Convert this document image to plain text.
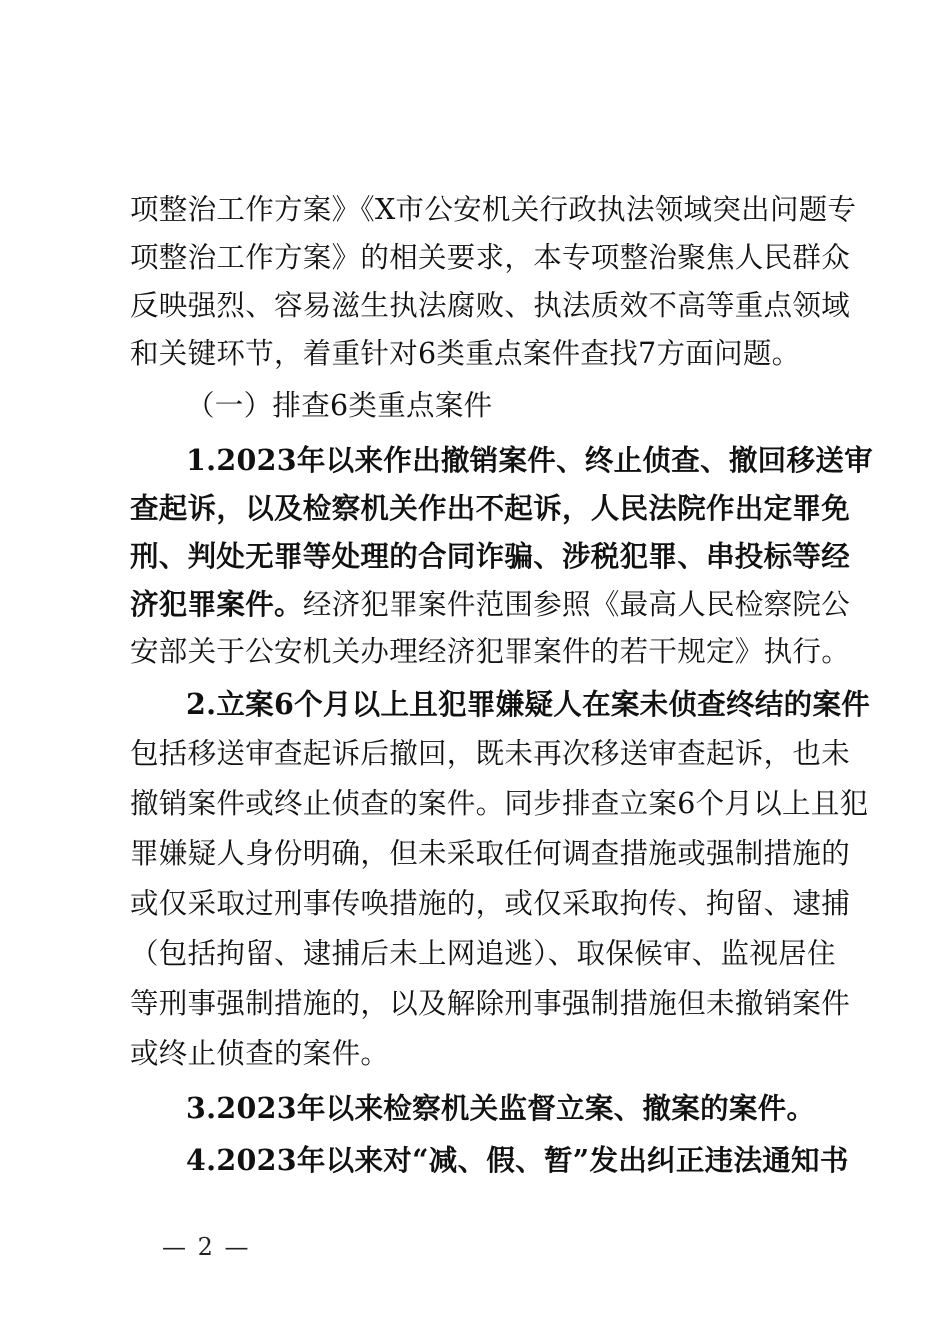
项整治工作方案》《X市公安机关行政执法领域突出问题专
项整治工作方案》的相关要求，本专项整治聚焦人民群众
反映强烈、容易滋生执法腐败、执法质效不高等重点领域
和关键环节，着重针对6类重点案件查找7方面问题。
（一）排查6类重点案件
1.2023年以来作出撤销案件、终止侦查、撤回移送审
查起诉，以及检察机关作出不起诉，人民法院作出定罪免
刑、判处无罪等处理的合同诈骗、涉税犯罪、串投标等经
济犯罪案件。经济犯罪案件范围参照《最高人民检察院公
安部关于公安机关办理经济犯罪案件的若干规定》执行。
2.立案6个月以上且犯罪嫌疑人在案未侦查终结的案件
包括移送审查起诉后撤回，既未再次移送审查起诉，也未
撤销案件或终止侦查的案件。同步排查立案6个月以上且犯
罪嫌疑人身份明确，但未采取任何调查措施或强制措施的
或仅采取过刑事传唤措施的，或仅采取拘传、拘留、逮捕
（包括拘留、逮捕后未上网追逃）、取保候审、监视居住
等刑事强制措施的，以及解除刑事强制措施但未撤销案件
或终止侦查的案件。
3.2023年以来检察机关监督立案、撤案的案件。
4.2023年以来对“减、假、暂”发出纠正违法通知书
— 2 —
